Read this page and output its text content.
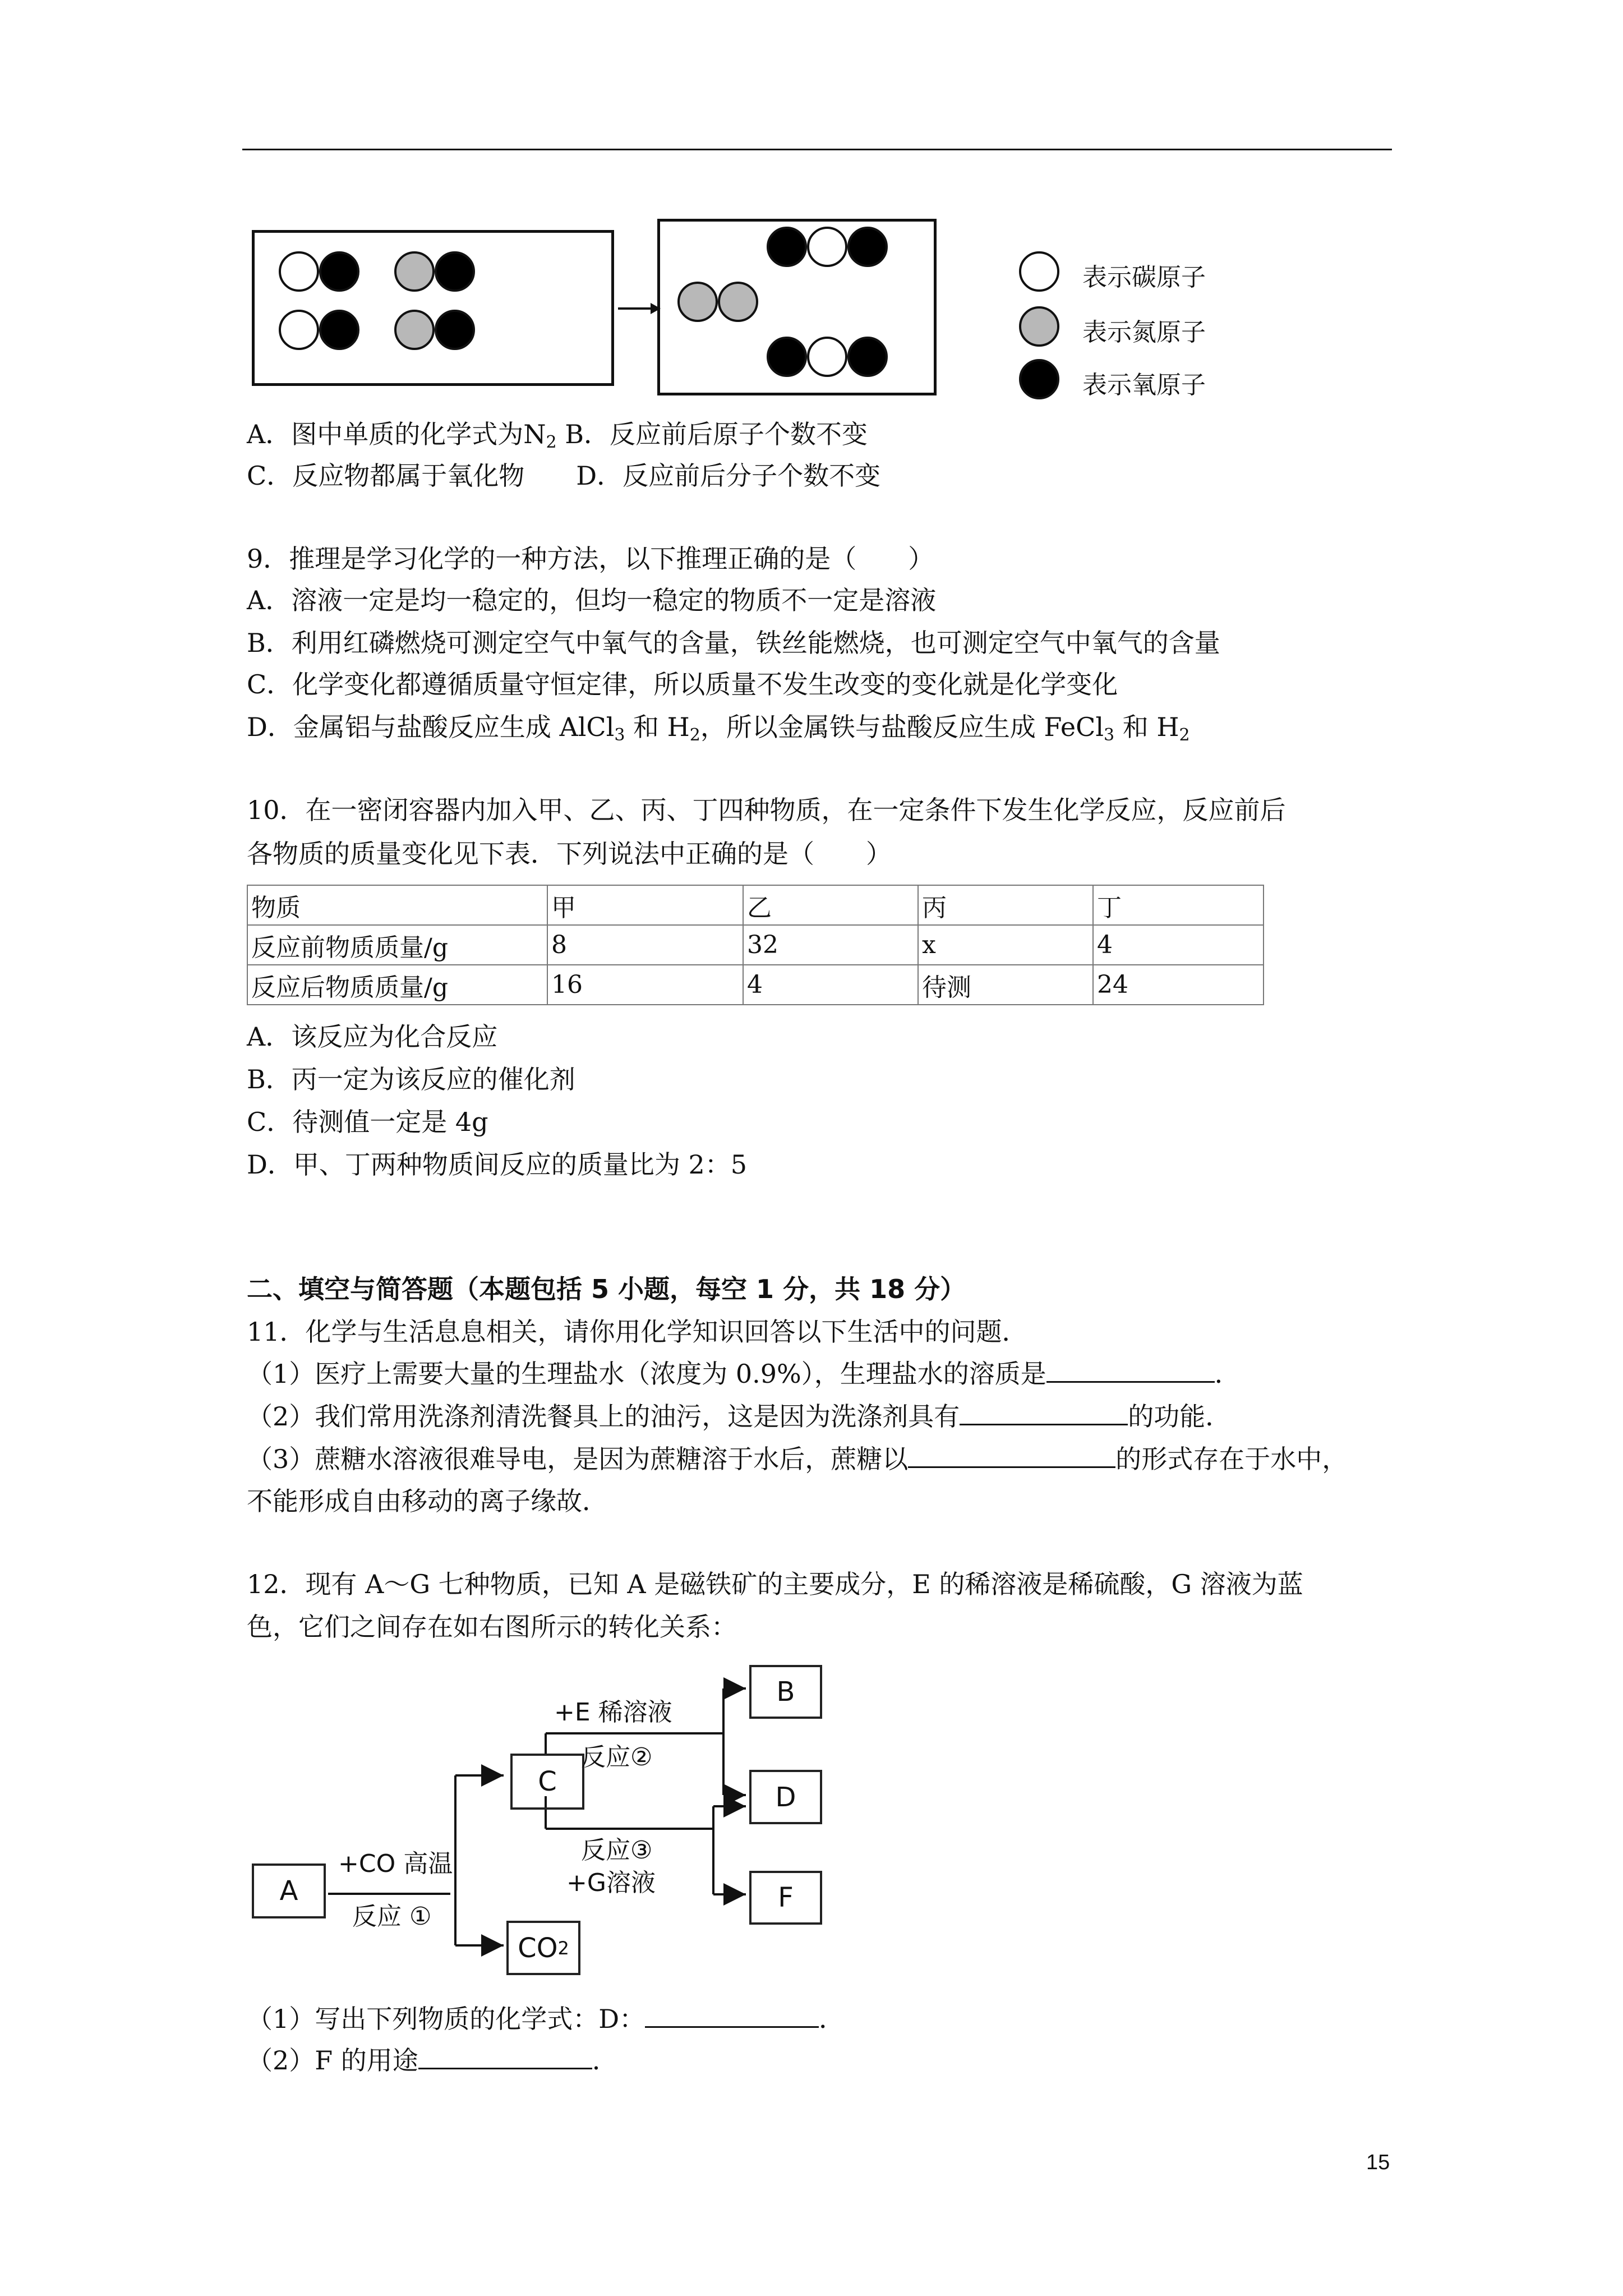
表示碳原子
表示氮原子
表示氧原子
A．图中单质的化学式为$N_2$ B．反应前后原子个数不变
C．反应物都属于氧化物　　D．反应前后分子个数不变
9．推理是学习化学的一种方法，以下推理正确的是（　　）
A．溶液一定是均一稳定的，但均一稳定的物质不一定是溶液
B．利用红磷燃烧可测定空气中氧气的含量，铁丝能燃烧，也可测定空气中氧气的含量
C．化学变化都遵循质量守恒定律，所以质量不发生改变的变化就是化学变化
D．金属铝与盐酸反应生成 AlCl$_3$ 和 $H_2$，所以金属铁与盐酸反应生成 FeCl$_3$ 和 $H_2$
10．在一密闭容器内加入甲、乙、丙、丁四种物质，在一定条件下发生化学反应，反应前后
各物质的质量变化见下表．下列说法中正确的是（　　）
物质	甲	乙	丙	丁
反应前物质质量/g	8	32	x	4
反应后物质质量/g	16	4	待测	24
A．该反应为化合反应
B．丙一定为该反应的催化剂
C．待测值一定是 4g
D．甲、丁两种物质间反应的质量比为 2：5
二、填空与简答题（本题包括 5 小题，每空 1 分，共 18 分）
11．化学与生活息息相关，请你用化学知识回答以下生活中的问题．
（1）医疗上需要大量的生理盐水（浓度为 0.9%），生理盐水的溶质是	．
（2）我们常用洗涤剂清洗餐具上的油污，这是因为洗涤剂具有	的功能．
（3）蔗糖水溶液很难导电，是因为蔗糖溶于水后，蔗糖以	的形式存在于水中，
不能形成自由移动的离子缘故．
12．现有 A～G 七种物质，已知 A 是磁铁矿的主要成分，E 的稀溶液是稀硫酸，G 溶液为蓝
色，它们之间存在如右图所示的转化关系：
A
C
B
D
F
CO 2
+CO 高温
反应 ①
+E 稀溶液
反应②
反应③
+G溶液
（1）写出下列物质的化学式：D：	．
（2）F 的用途	．
15
